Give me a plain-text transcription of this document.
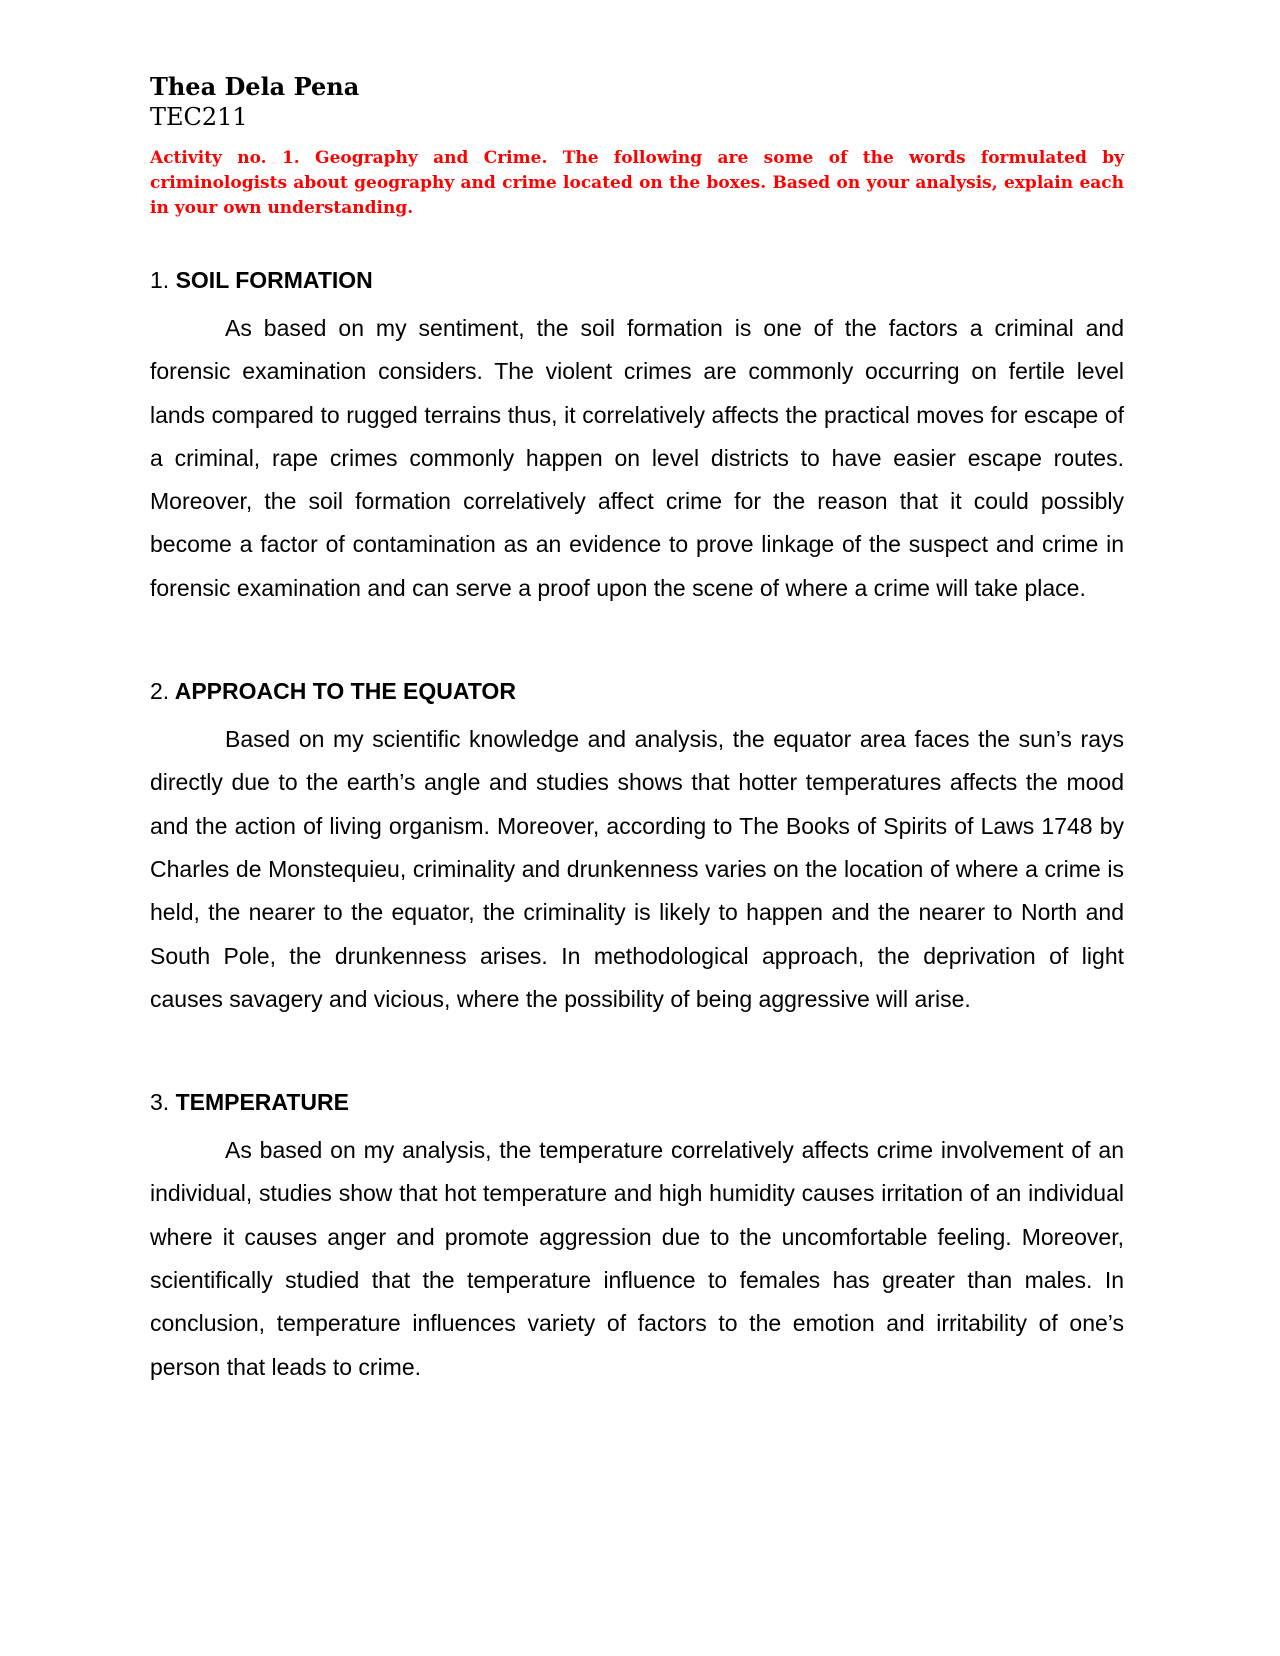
Thea Dela Pena
TEC211

Activity no. 1. Geography and Crime. The following are some of the words formulated by criminologists about geography and crime located on the boxes. Based on your analysis, explain each in your own understanding.

1. SOIL FORMATION

As based on my sentiment, the soil formation is one of the factors a criminal and forensic examination considers. The violent crimes are commonly occurring on fertile level lands compared to rugged terrains thus, it correlatively affects the practical moves for escape of a criminal, rape crimes commonly happen on level districts to have easier escape routes. Moreover, the soil formation correlatively affect crime for the reason that it could possibly become a factor of contamination as an evidence to prove linkage of the suspect and crime in forensic examination and can serve a proof upon the scene of where a crime will take place.

2. APPROACH TO THE EQUATOR

Based on my scientific knowledge and analysis, the equator area faces the sun’s rays directly due to the earth’s angle and studies shows that hotter temperatures affects the mood and the action of living organism. Moreover, according to The Books of Spirits of Laws 1748 by Charles de Monstequieu, criminality and drunkenness varies on the location of where a crime is held, the nearer to the equator, the criminality is likely to happen and the nearer to North and South Pole, the drunkenness arises. In methodological approach, the deprivation of light causes savagery and vicious, where the possibility of being aggressive will arise.

3. TEMPERATURE

As based on my analysis, the temperature correlatively affects crime involvement of an individual, studies show that hot temperature and high humidity causes irritation of an individual where it causes anger and promote aggression due to the uncomfortable feeling. Moreover, scientifically studied that the temperature influence to females has greater than males. In conclusion, temperature influences variety of factors to the emotion and irritability of one’s person that leads to crime.
